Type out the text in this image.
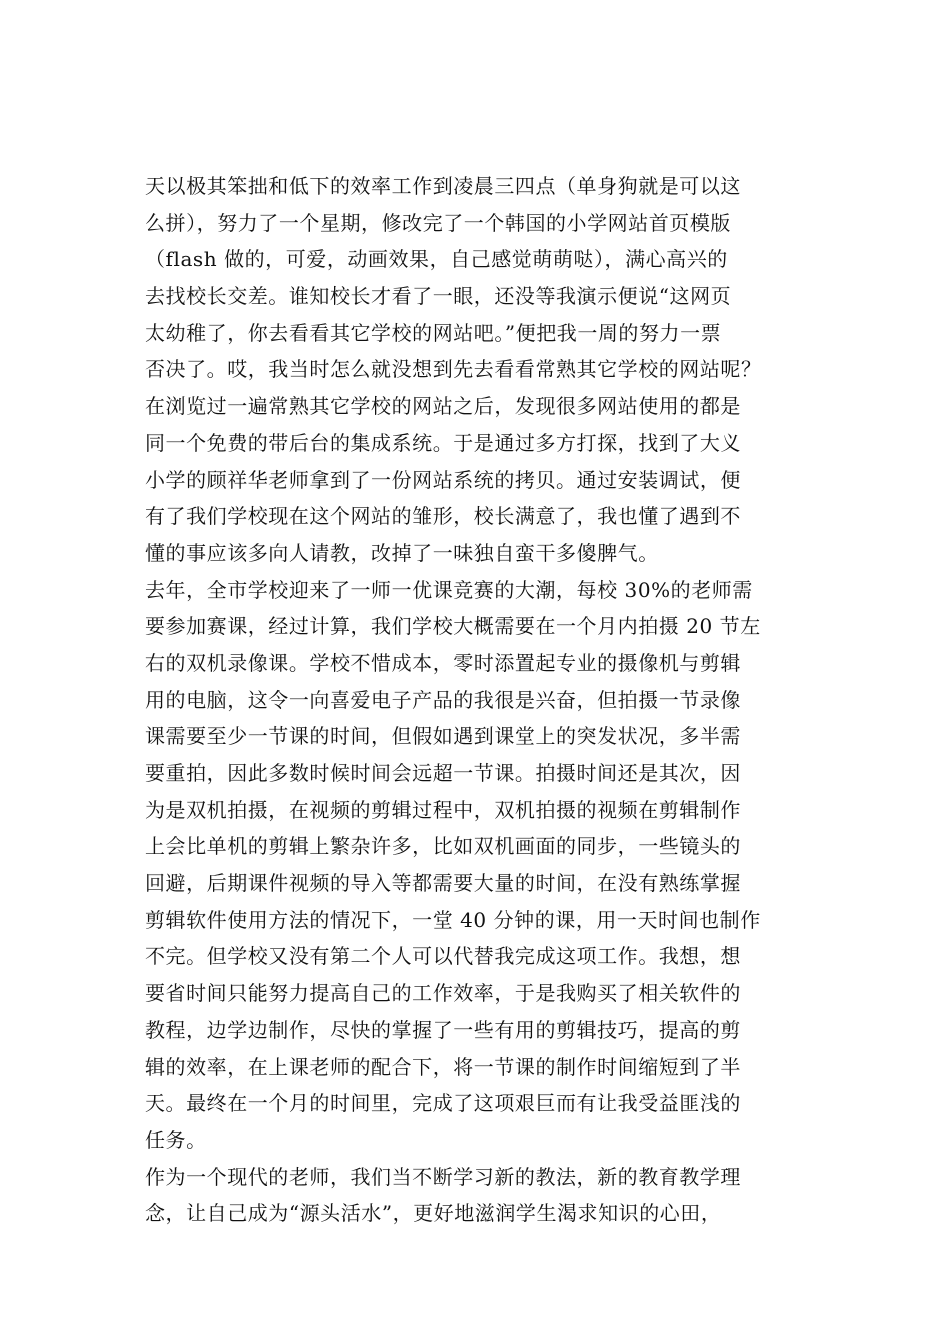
天以极其笨拙和低下的效率工作到凌晨三四点（单身狗就是可以这
么拼），努力了一个星期，修改完了一个韩国的小学网站首页模版
（flash 做的，可爱，动画效果，自己感觉萌萌哒），满心高兴的
去找校长交差。谁知校长才看了一眼，还没等我演示便说“这网页
太幼稚了，你去看看其它学校的网站吧。”便把我一周的努力一票
否决了。哎，我当时怎么就没想到先去看看常熟其它学校的网站呢？
在浏览过一遍常熟其它学校的网站之后，发现很多网站使用的都是
同一个免费的带后台的集成系统。于是通过多方打探，找到了大义
小学的顾祥华老师拿到了一份网站系统的拷贝。通过安装调试，便
有了我们学校现在这个网站的雏形，校长满意了，我也懂了遇到不
懂的事应该多向人请教，改掉了一味独自蛮干多傻脾气。
去年，全市学校迎来了一师一优课竞赛的大潮，每校 30%的老师需
要参加赛课，经过计算，我们学校大概需要在一个月内拍摄 20 节左
右的双机录像课。学校不惜成本，零时添置起专业的摄像机与剪辑
用的电脑，这令一向喜爱电子产品的我很是兴奋，但拍摄一节录像
课需要至少一节课的时间，但假如遇到课堂上的突发状况，多半需
要重拍，因此多数时候时间会远超一节课。拍摄时间还是其次，因
为是双机拍摄，在视频的剪辑过程中，双机拍摄的视频在剪辑制作
上会比单机的剪辑上繁杂许多，比如双机画面的同步，一些镜头的
回避，后期课件视频的导入等都需要大量的时间，在没有熟练掌握
剪辑软件使用方法的情况下，一堂 40 分钟的课，用一天时间也制作
不完。但学校又没有第二个人可以代替我完成这项工作。我想，想
要省时间只能努力提高自己的工作效率，于是我购买了相关软件的
教程，边学边制作，尽快的掌握了一些有用的剪辑技巧，提高的剪
辑的效率，在上课老师的配合下，将一节课的制作时间缩短到了半
天。最终在一个月的时间里，完成了这项艰巨而有让我受益匪浅的
任务。
作为一个现代的老师，我们当不断学习新的教法，新的教育教学理
念，让自己成为“源头活水”，更好地滋润学生渴求知识的心田，
